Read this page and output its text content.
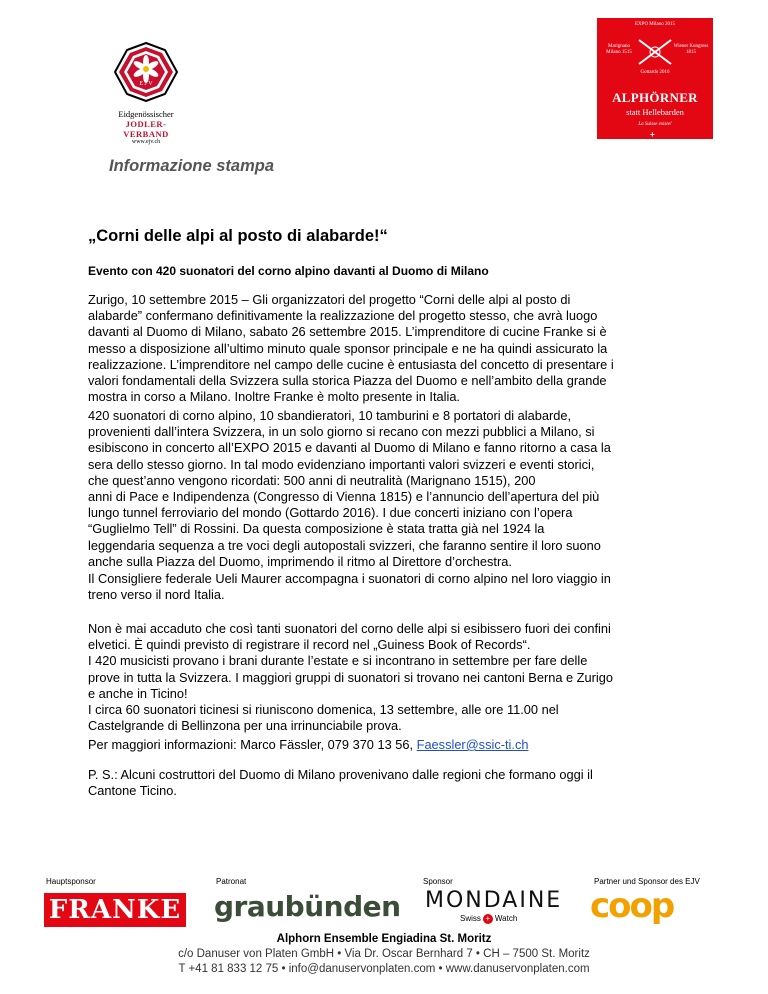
E J V
Eidgenössischer
JODLER-VERBAND
www.ejv.ch
EXPO Milano 2015
Marignano Milano 1515
Wiener Kongress 1815
Gottardo 2016
ALPHÖRNER
statt Hellebarden
La Suisse existe!
+
Informazione stampa
„Corni delle alpi al posto di alabarde!“
Evento con 420 suonatori del corno alpino davanti al Duomo di Milano
Zurigo, 10 settembre 2015 – Gli organizzatori del progetto “Corni delle alpi al posto di
alabarde” confermano definitivamente la realizzazione del progetto stesso, che avrà luogo
davanti al Duomo di Milano, sabato 26 settembre 2015. L’imprenditore di cucine Franke si è
messo a disposizione all’ultimo minuto quale sponsor principale e ne ha quindi assicurato la
realizzazione. L’imprenditore nel campo delle cucine è entusiasta del concetto di presentare i
valori fondamentali della Svizzera sulla storica Piazza del Duomo e nell’ambito della grande
mostra in corso a Milano. Inoltre Franke è molto presente in Italia.
420 suonatori di corno alpino, 10 sbandieratori, 10 tamburini e 8 portatori di alabarde,
provenienti dall’intera Svizzera, in un solo giorno si recano con mezzi pubblici a Milano, si
esibiscono in concerto all’EXPO 2015 e davanti al Duomo di Milano e fanno ritorno a casa la
sera dello stesso giorno. In tal modo evidenziano importanti valori svizzeri e eventi storici,
che quest’anno vengono ricordati: 500 anni di neutralità (Marignano 1515), 200
anni di Pace e Indipendenza (Congresso di Vienna 1815) e l’annuncio dell’apertura del più
lungo tunnel ferroviario del mondo (Gottardo 2016). I due concerti iniziano con l’opera
“Guglielmo Tell” di Rossini. Da questa composizione è stata tratta già nel 1924 la
leggendaria sequenza a tre voci degli autopostali svizzeri, che faranno sentire il loro suono
anche sulla Piazza del Duomo, imprimendo il ritmo al Direttore d’orchestra.
Il Consigliere federale Ueli Maurer accompagna i suonatori di corno alpino nel loro viaggio in
treno verso il nord Italia.
Non è mai accaduto che così tanti suonatori del corno delle alpi si esibissero fuori dei confini
elvetici. È quindi previsto di registrare il record nel „Guiness Book of Records“.
I 420 musicisti provano i brani durante l’estate e si incontrano in settembre per fare delle
prove in tutta la Svizzera. I maggiori gruppi di suonatori si trovano nei cantoni Berna e Zurigo
e anche in Ticino!
I circa 60 suonatori ticinesi si riuniscono domenica, 13 settembre, alle ore 11.00 nel
Castelgrande di Bellinzona per una irrinunciabile prova.
Per maggiori informazioni: Marco Fässler, 079 370 13 56, Faessler@ssic-ti.ch
P. S.: Alcuni costruttori del Duomo di Milano provenivano dalle regioni che formano oggi il
Cantone Ticino.
Hauptsponsor	Patronat	Sponsor	Partner und Sponsor des EJV
FRANKE graubünden MONDAINE
Swiss + Watch coop
Alphorn Ensemble Engiadina St. Moritz
c/o Danuser von Platen GmbH • Via Dr. Oscar Bernhard 7 • CH – 7500 St. Moritz
T +41 81 833 12 75 • info@danuservonplaten.com • www.danuservonplaten.com
